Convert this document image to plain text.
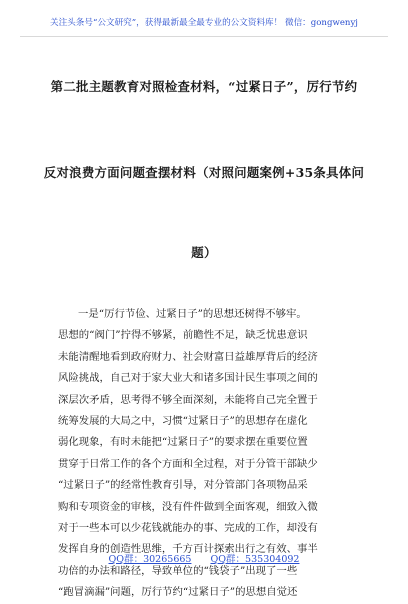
关注头条号“公文研究”，获得最新最全最专业的公文资料库！ 微信：gongwenyj
第二批主题教育对照检查材料，“过紧日子”，厉行节约
反对浪费方面问题查摆材料（对照问题案例+35条具体问
题）

一是“厉行节俭、过紧日子”的思想还树得不够牢。

思想的“阀门”拧得不够紧，前瞻性不足，缺乏忧患意识

未能清醒地看到政府财力、社会财富日益雄厚背后的经济

风险挑战，自己对于家大业大和诸多国计民生事项之间的

深层次矛盾，思考得不够全面深刻，未能将自己完全置于

统筹发展的大局之中，习惯“过紧日子”的思想存在虚化

弱化现象，有时未能把“过紧日子”的要求摆在重要位置

贯穿于日常工作的各个方面和全过程，对于分管干部缺少

“过紧日子”的经常性教育引导，对分管部门各项物品采

购和专项资金的审核，没有件件做到全面客观，细致入微

对于一些本可以少花钱就能办的事、完成的工作，却没有

发挥自身的创造性思维，千方百计探索出行之有效、事半

功倍的办法和路径，导致单位的“钱袋子”出现了一些

“跑冒滴漏”问题，厉行节约“过紧日子”的思想自觉还

QQ群：30265665 QQ群：535304092
